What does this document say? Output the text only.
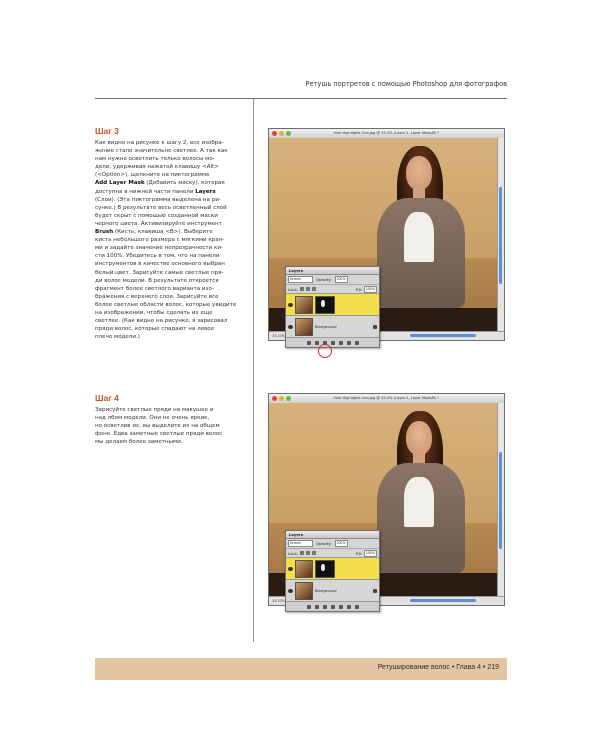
Ретушь портретов с помощью Photoshop для фотографов
Шаг 3
Как видно на рисунке к шагу 2, все изобра-
жение стало значительно светлее. А так как
нам нужно осветлить только волосы мо-
дели, удерживая нажатой клавишу <Alt>
(<Option>), щелкните на пиктограмме
Add Layer Mask (Добавить маску), которая
доступна в нижней части панели Layers
(Слои). (Эта пиктограмма выделена на ри-
сунке.) В результате весь осветленный слой
будет скрыт с помощью созданной маски
черного цвета. Активизируйте инструмент
Brush (Кисть; клавиша <B>). Выберите
кисть небольшого размера с мягкими края-
ми и задайте значение непрозрачности ки-
сти 100%. Убедитесь в том, что на панели
инструментов в качестве основного выбран
белый цвет. Зарисуйте самые светлые пря-
ди волос модели. В результате откроется
фрагмент более светлого варианта изо-
бражения с верхнего слоя. Зарисуйте все
более светлые области волос, которые увидите
на изображении, чтобы сделать их еще
светлее. (Как видно на рисунке, я зарисовал
пряди волос, которые спадают на левое
плечо модели.)
Шаг 4
Зарисуйте светлые пряди на макушке и
над лбом модели. Они не очень яркие,
но осветлив их, вы выделите их на общем
фоне. Едва заметные светлые пряди волос
мы делаем более заметными.
Hair Highlights 2nd.jpg @ 33.3% (Layer 1, Layer Mask/8) *
33.33%
Layers
Screen	Opacity:	100%
Lock:	Fill:	100%
Background
Hair Highlights 2nd.jpg @ 33.3% (Layer 1, Layer Mask/8) *
33.33%
Layers
Screen	Opacity:	100%
Lock:	Fill:	100%
Background
Ретуширование волос • Глава 4 • 219
